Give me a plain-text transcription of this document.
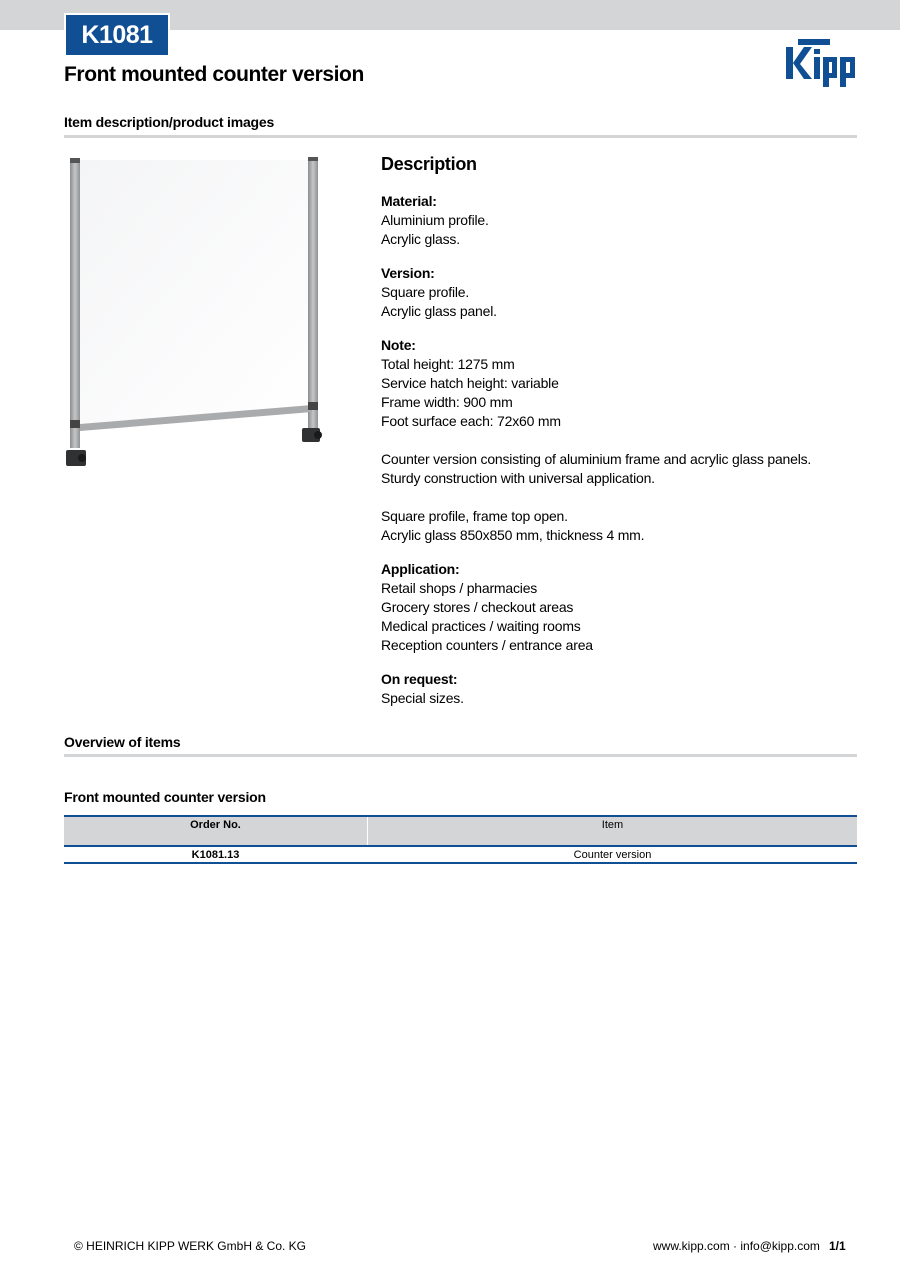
K1081
Front mounted counter version
Item description/product images
Description
Material:
Aluminium profile.
Acrylic glass.
Version:
Square profile.
Acrylic glass panel.
Note:
Total height: 1275 mm
Service hatch height: variable
Frame width: 900 mm
Foot surface each: 72x60 mm
Counter version consisting of aluminium frame and acrylic glass panels.
Sturdy construction with universal application.
Square profile, frame top open.
Acrylic glass 850x850 mm, thickness 4 mm.
Application:
Retail shops / pharmacies
Grocery stores / checkout areas
Medical practices / waiting rooms
Reception counters / entrance area
On request:
Special sizes.
Overview of items
Front mounted counter version
Order No.	Item
K1081.13	Counter version
© HEINRICH KIPP WERK GmbH & Co. KG	www.kipp.com · info@kipp.com 1/1
